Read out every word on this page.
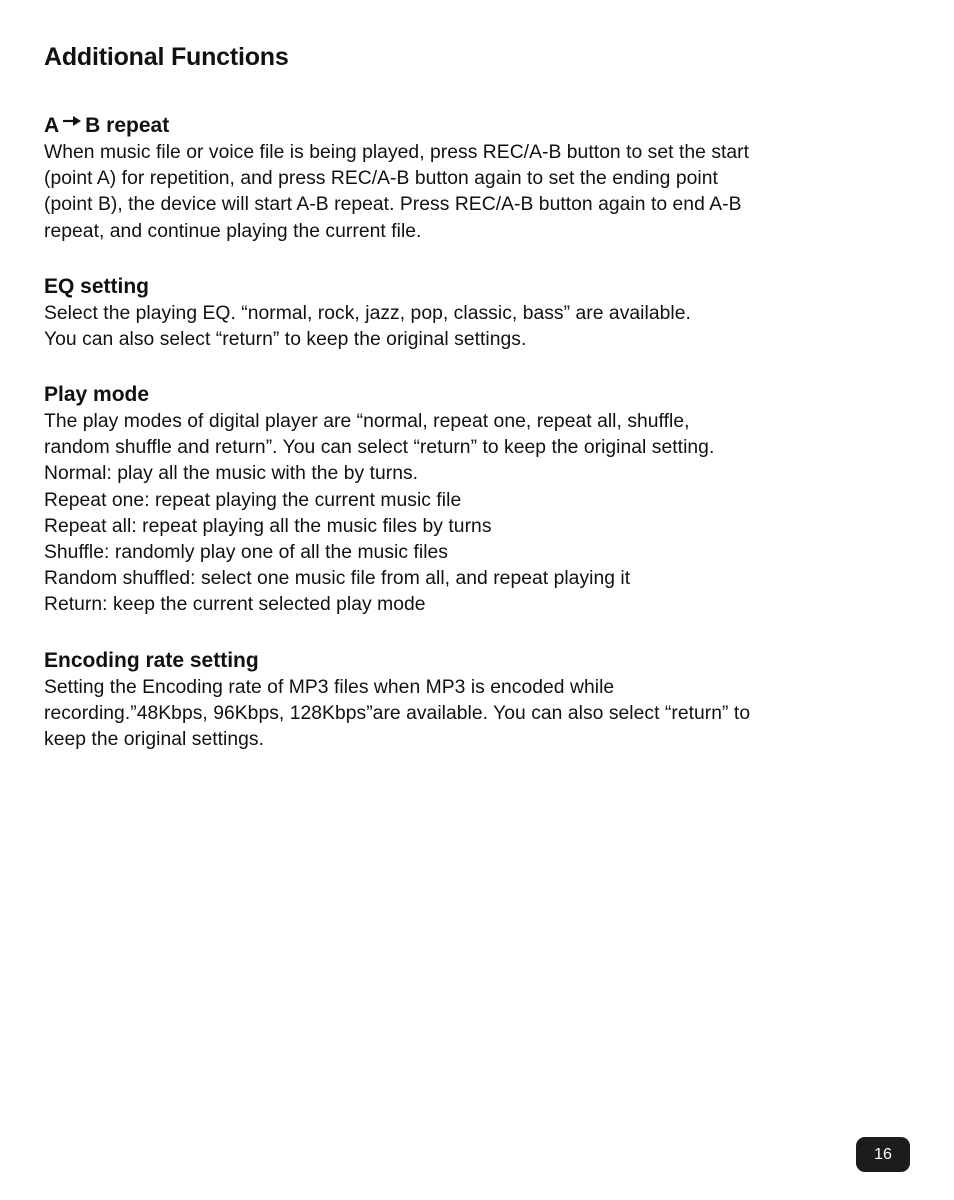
Additional Functions
A B repeat
When music file or voice file is being played, press REC/A-B button to set the start
(point A) for repetition, and press REC/A-B button again to set the ending point
(point B), the device will start A-B repeat. Press REC/A-B button again to end A-B
repeat, and continue playing the current file.
EQ setting
Select the playing EQ. “normal, rock, jazz, pop, classic, bass” are available.
You can also select “return” to keep the original settings.
Play mode
The play modes of digital player are “normal, repeat one, repeat all, shuffle,
random shuffle and return”. You can select “return” to keep the original setting.
Normal: play all the music with the by turns.
Repeat one: repeat playing the current music file
Repeat all: repeat playing all the music files by turns
Shuffle: randomly play one of all the music files
Random shuffled: select one music file from all, and repeat playing it
Return: keep the current selected play mode
Encoding rate setting
Setting the Encoding rate of MP3 files when MP3 is encoded while
recording.”48Kbps, 96Kbps, 128Kbps”are available. You can also select “return” to
keep the original settings.
16
